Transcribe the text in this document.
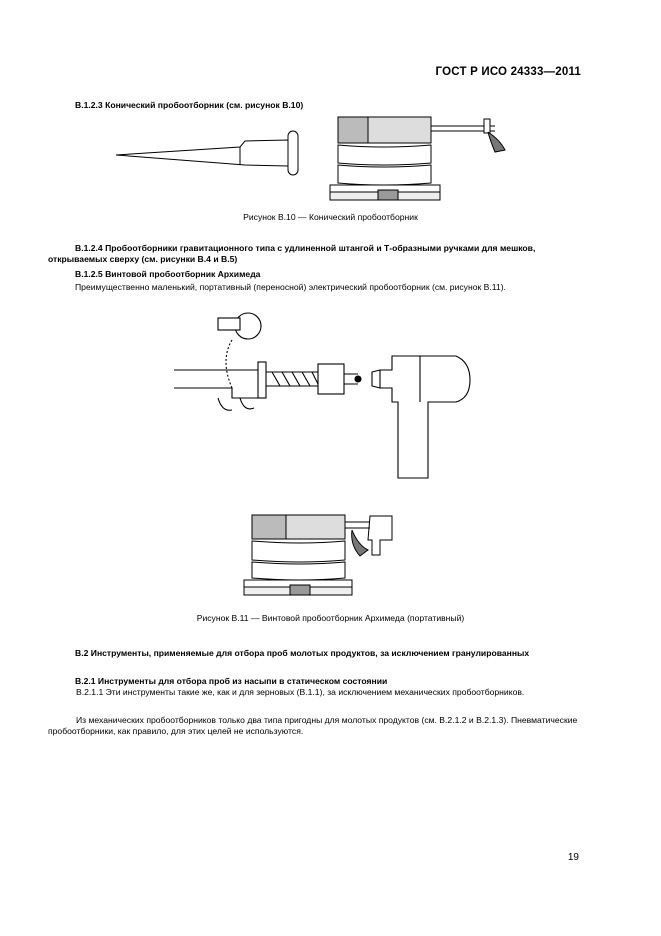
ГОСТ Р ИСО 24333—2011
В.1.2.3 Конический пробоотборник (см. рисунок В.10)
Рисунок В.10 — Конический пробоотборник
В.1.2.4 Пробоотборники гравитационного типа с удлиненной штангой и Т-образными ручками для мешков, открываемых сверху (см. рисунки В.4 и В.5)
В.1.2.5 Винтовой пробоотборник Архимеда
Преимущественно маленький, портативный (переносной) электрический пробоотборник (см. рисунок В.11).
Рисунок В.11 — Винтовой пробоотборник Архимеда (портативный)
В.2 Инструменты, применяемые для отбора проб молотых продуктов, за исключением гранулированных
В.2.1 Инструменты для отбора проб из насыпи в статическом состоянии
В.2.1.1 Эти инструменты такие же, как и для зерновых (В.1.1), за исключением механических пробоотборников.
Из механических пробоотборников только два типа пригодны для молотых продуктов (см. В.2.1.2 и В.2.1.3). Пневматические пробоотборники, как правило, для этих целей не используются.
19
